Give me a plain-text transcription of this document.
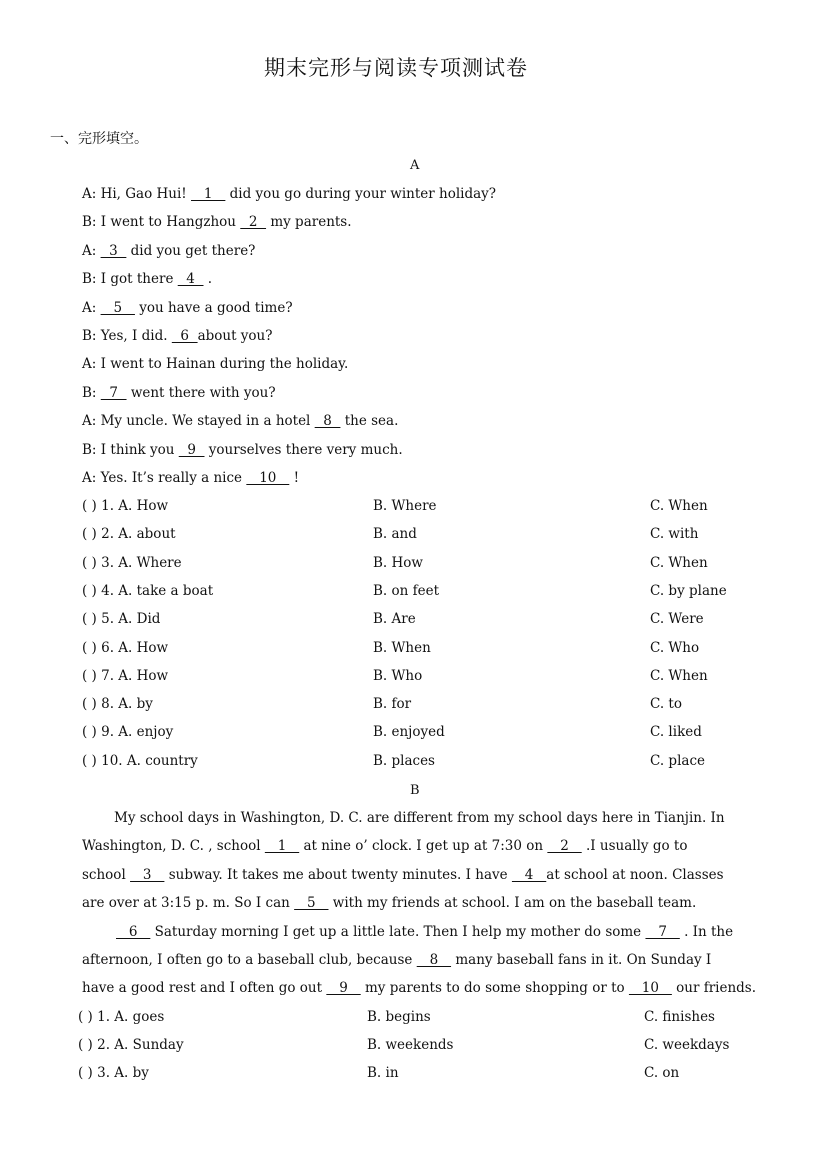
期末完形与阅读专项测试卷
一、完形填空。
A
A: Hi, Gao Hui!    1    did you go during your winter holiday?
B: I went to Hangzhou   2   my parents.
A:   3   did you get there?
B: I got there   4   .
A:    5    you have a good time?
B: Yes, I did.   6  about you?
A: I went to Hainan during the holiday.
B:   7   went there with you?
A: My uncle. We stayed in a hotel   8   the sea.
B: I think you   9   yourselves there very much.
A: Yes. It’s really a nice    10    !
( ) 1. A. How	B. Where	C. When
( ) 2. A. about	B. and	C. with
( ) 3. A. Where	B. How	C. When
( ) 4. A. take a boat	B. on feet	C. by plane
( ) 5. A. Did	B. Are	C. Were
( ) 6. A. How	B. When	C. Who
( ) 7. A. How	B. Who	C. When
( ) 8. A. by	B. for	C. to
( ) 9. A. enjoy	B. enjoyed	C. liked
( ) 10. A. country	B. places	C. place
B
My school days in Washington, D. C. are different from my school days here in Tianjin. In
Washington, D. C. , school    1    at nine o’ clock. I get up at 7:30 on    2    .I usually go to
school    3    subway. It takes me about twenty minutes. I have    4   at school at noon. Classes
are over at 3:15 p. m. So I can    5    with my friends at school. I am on the baseball team.
6    Saturday morning I get up a little late. Then I help my mother do some    7    . In the
afternoon, I often go to a baseball club, because    8    many baseball fans in it. On Sunday I
have a good rest and I often go out    9    my parents to do some shopping or to    10    our friends.
( ) 1. A. goes	B. begins	C. finishes
( ) 2. A. Sunday	B. weekends	C. weekdays
( ) 3. A. by	B. in	C. on
